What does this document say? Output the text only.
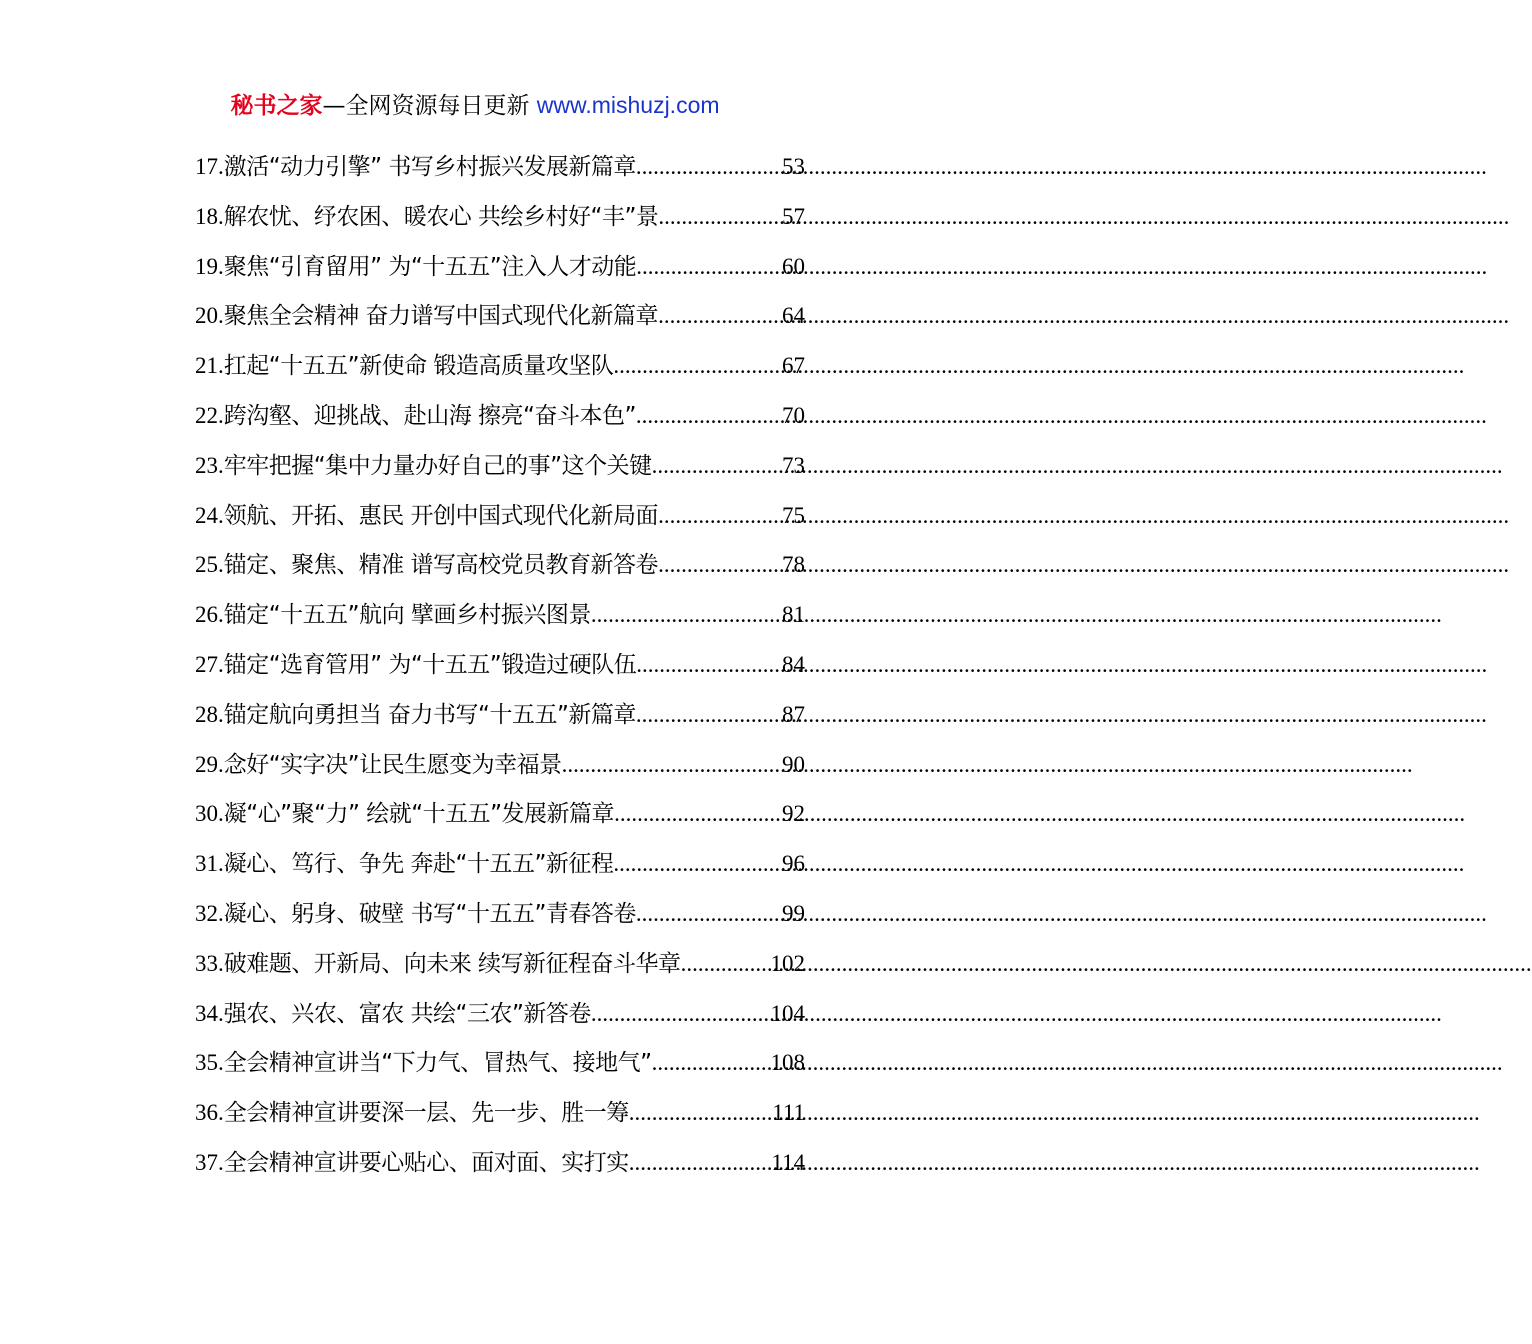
秘书之家—全网资源每日更新 www.mishuzj.com
17. 激活“动力引擎” 书写乡村振兴发展新篇章 .....	53
18. 解农忧、纾农困、暖农心 共绘乡村好“丰”景 .....	57
19. 聚焦“引育留用” 为“十五五”注入人才动能 .....	60
20. 聚焦全会精神 奋力谱写中国式现代化新篇章 .....	64
21. 扛起“十五五”新使命 锻造高质量攻坚队 .....	67
22. 跨沟壑、迎挑战、赴山海 擦亮“奋斗本色” .....	70
23. 牢牢把握“集中力量办好自己的事”这个关键 .....	73
24. 领航、开拓、惠民 开创中国式现代化新局面 .....	75
25. 锚定、聚焦、精准 谱写高校党员教育新答卷 .....	78
26. 锚定“十五五”航向 擘画乡村振兴图景 .....	81
27. 锚定“选育管用” 为“十五五”锻造过硬队伍 .....	84
28. 锚定航向勇担当 奋力书写“十五五”新篇章 .....	87
29. 念好“实字决”让民生愿变为幸福景 .....	90
30. 凝“心”聚“力” 绘就“十五五”发展新篇章 .....	92
31. 凝心、笃行、争先 奔赴“十五五”新征程 .....	96
32. 凝心、躬身、破壁 书写“十五五”青春答卷 .....	99
33. 破难题、开新局、向未来 续写新征程奋斗华章 .....	102
34. 强农、兴农、富农 共绘“三农”新答卷 .....	104
35. 全会精神宣讲当“下力气、冒热气、接地气” .....	108
36. 全会精神宣讲要深一层、先一步、胜一筹 .....	111
37. 全会精神宣讲要心贴心、面对面、实打实 .....	114
